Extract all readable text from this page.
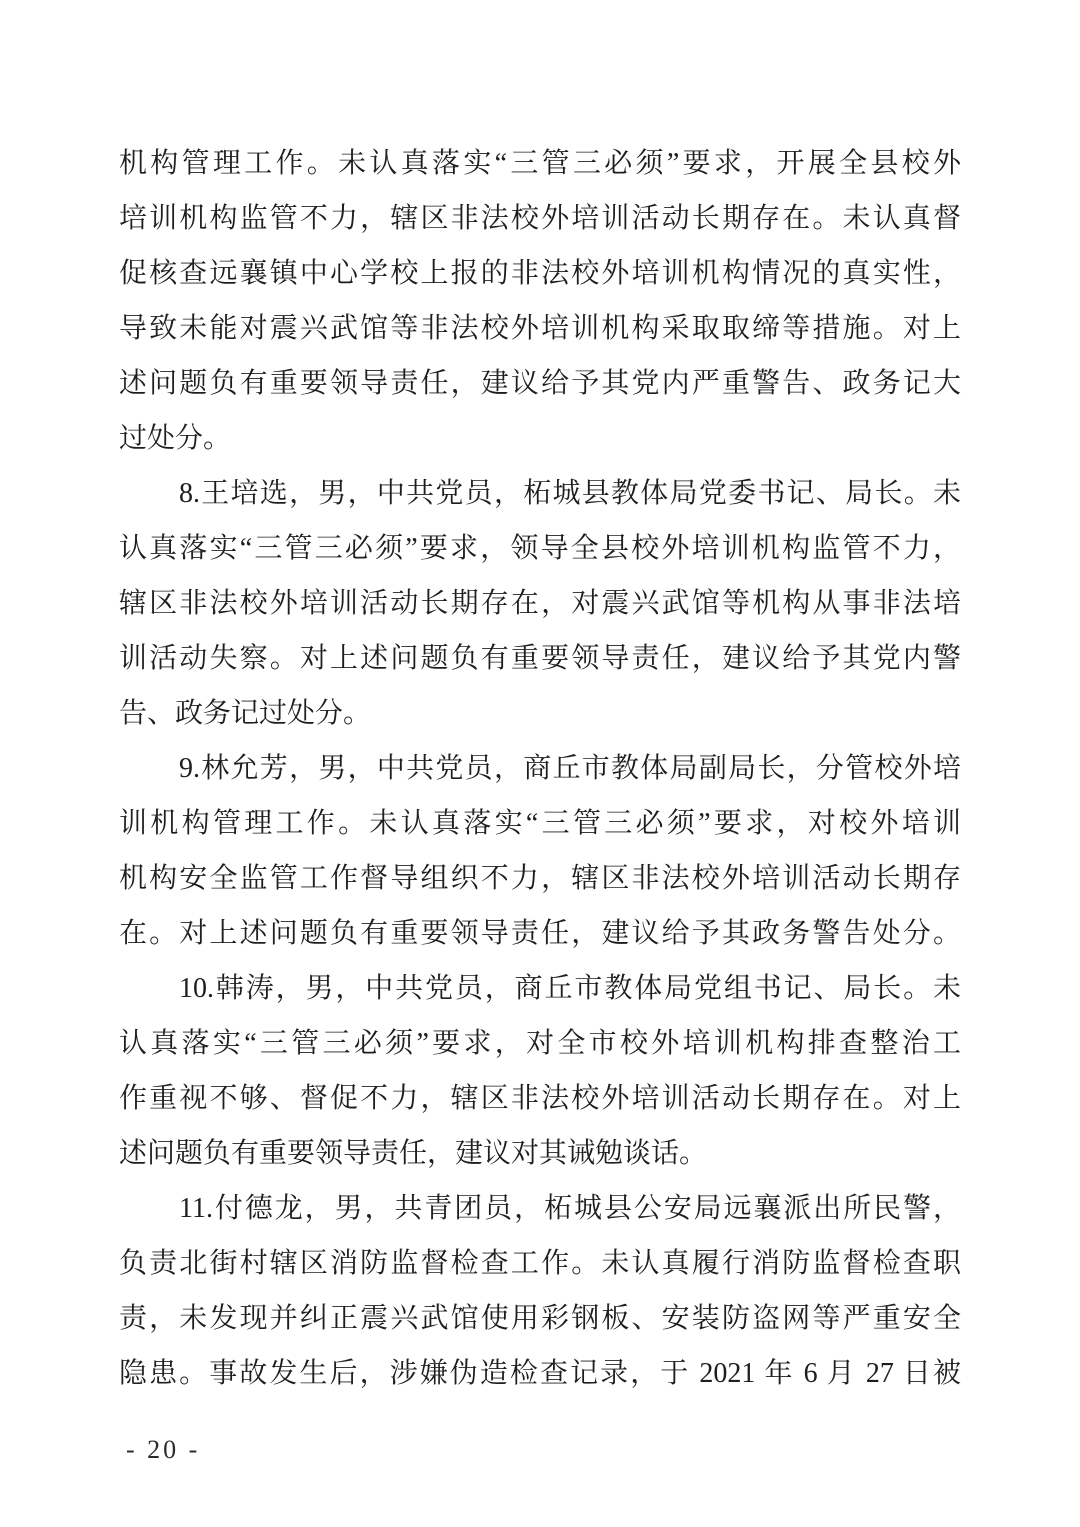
机构管理工作。未认真落实“三管三必须”要求，开展全县校外
培训机构监管不力，辖区非法校外培训活动长期存在。未认真督
促核查远襄镇中心学校上报的非法校外培训机构情况的真实性，
导致未能对震兴武馆等非法校外培训机构采取取缔等措施。对上
述问题负有重要领导责任，建议给予其党内严重警告、政务记大
过处分。
8.王培选，男，中共党员，柘城县教体局党委书记、局长。未
认真落实“三管三必须”要求，领导全县校外培训机构监管不力，
辖区非法校外培训活动长期存在，对震兴武馆等机构从事非法培
训活动失察。对上述问题负有重要领导责任，建议给予其党内警
告、政务记过处分。
9.林允芳，男，中共党员，商丘市教体局副局长，分管校外培
训机构管理工作。未认真落实“三管三必须”要求，对校外培训
机构安全监管工作督导组织不力，辖区非法校外培训活动长期存
在。对上述问题负有重要领导责任，建议给予其政务警告处分。
10.韩涛，男，中共党员，商丘市教体局党组书记、局长。未
认真落实“三管三必须”要求，对全市校外培训机构排查整治工
作重视不够、督促不力，辖区非法校外培训活动长期存在。对上
述问题负有重要领导责任，建议对其诫勉谈话。
11.付德龙，男，共青团员，柘城县公安局远襄派出所民警，
负责北街村辖区消防监督检查工作。未认真履行消防监督检查职
责，未发现并纠正震兴武馆使用彩钢板、安装防盗网等严重安全
隐患。事故发生后，涉嫌伪造检查记录，于 2021 年 6 月 27 日被
- 20 -
